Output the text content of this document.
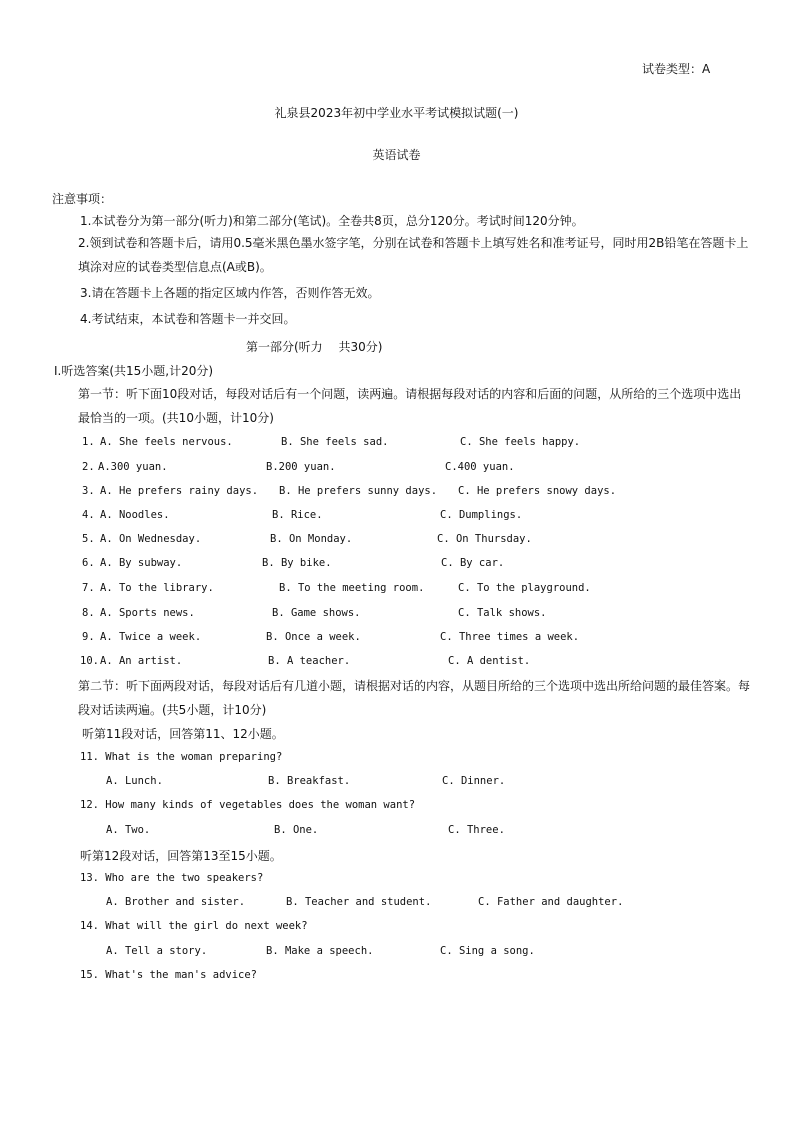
试卷类型：A
礼泉县2023年初中学业水平考试模拟试题(一)
英语试卷
注意事项：
1.本试卷分为第一部分(听力)和第二部分(笔试)。全卷共8页，总分120分。考试时间120分钟。
2.领到试卷和答题卡后，请用0.5毫米黑色墨水签字笔，分别在试卷和答题卡上填写姓名和准考证号，同时用2B铅笔在答题卡上填涂对应的试卷类型信息点(A或B)。
3.请在答题卡上各题的指定区域内作答，否则作答无效。
4.考试结束，本试卷和答题卡一并交回。
第一部分(听力　 共30分)
Ⅰ.听选答案(共15小题,计20分)
第一节：听下面10段对话，每段对话后有一个问题，读两遍。请根据每段对话的内容和后面的问题，从所给的三个选项中选出最恰当的一项。(共10小题，计10分)
1. A. She feels nervous.	B. She feels sad.	C. She feels happy.
2. A.300 yuan.	B.200 yuan.	C.400 yuan.
3. A. He prefers rainy days. B. He prefers sunny days. C. He prefers snowy days.
4. A. Noodles.	B. Rice.	C. Dumplings.
5. A. On Wednesday.	B. On Monday.	C. On Thursday.
6. A. By subway.	B. By bike.	C. By car.
7. A. To the library.	B. To the meeting room.	C. To the playground.
8. A. Sports news.	B. Game shows.	C. Talk shows.
9. A. Twice a week.	B. Once a week.	C. Three times a week.
10. A. An artist.	B. A teacher.	C. A dentist.
第二节：听下面两段对话，每段对话后有几道小题，请根据对话的内容，从题目所给的三个选项中选出所给问题的最佳答案。每段对话读两遍。(共5小题，计10分)
听第11段对话，回答第11、12小题。
11. What is the woman preparing?
A. Lunch.	B. Breakfast.	C. Dinner.
12. How many kinds of vegetables does the woman want?
A. Two.	B. One.	C. Three.
听第12段对话，回答第13至15小题。
13. Who are the two speakers?
A. Brother and sister.	B. Teacher and student.	C. Father and daughter.
14. What will the girl do next week?
A. Tell a story.	B. Make a speech.	C. Sing a song.
15. What's the man's advice?
